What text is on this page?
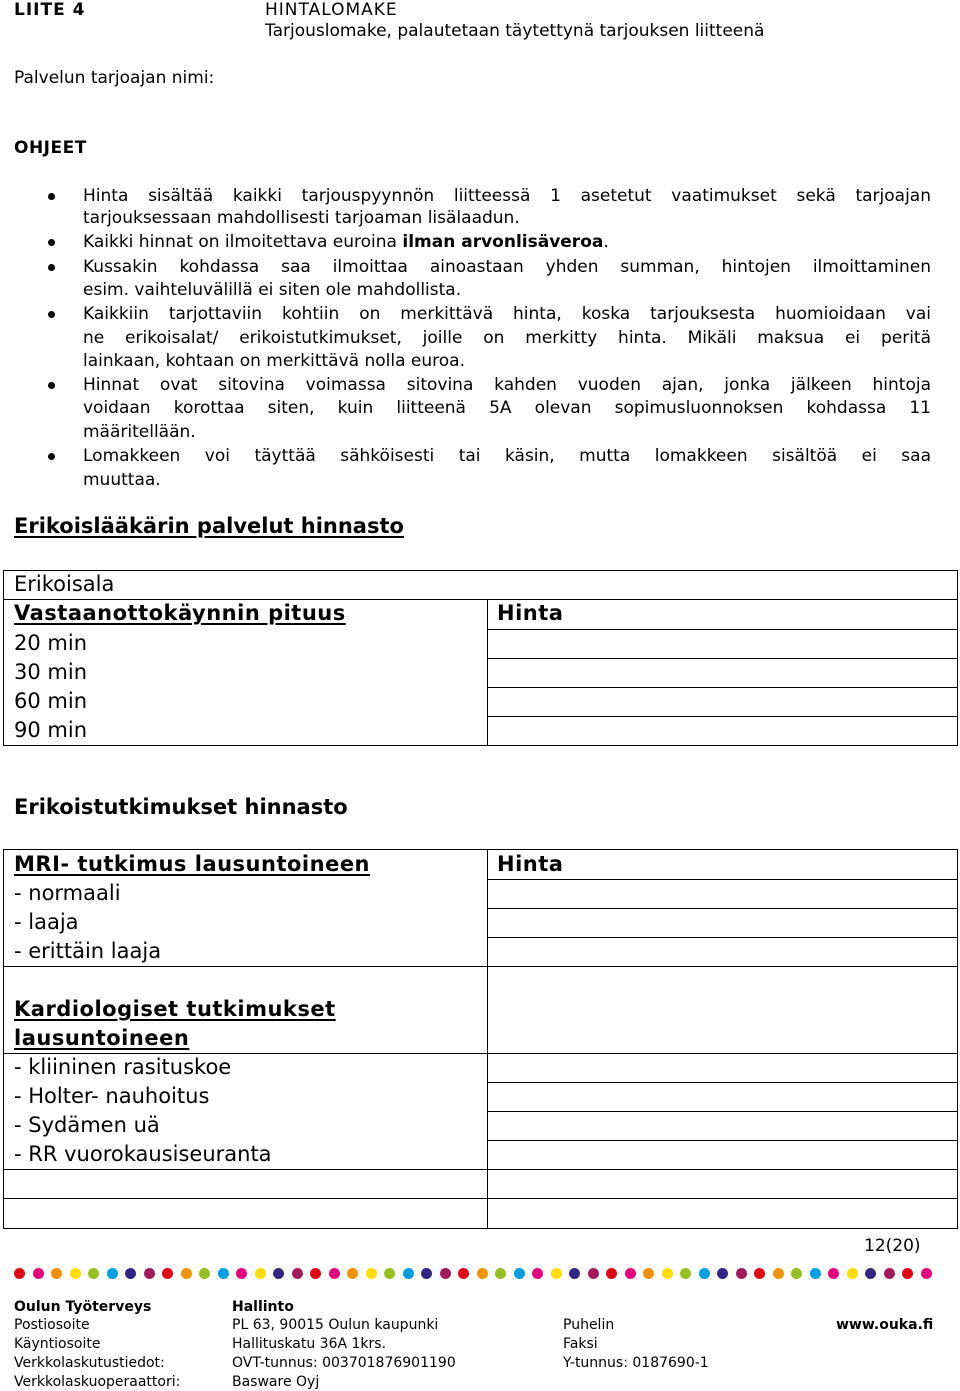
LIITE 4	HINTALOMAKE
Tarjouslomake, palautetaan täytettynä tarjouksen liitteenä
Palvelun tarjoajan nimi:
OHJEET
Hinta sisältää kaikki tarjouspyynnön liitteessä 1 asetetut vaatimukset sekä tarjoajan
tarjouksessaan mahdollisesti tarjoaman lisälaadun.
Kaikki hinnat on ilmoitettava euroina ilman arvonlisäveroa.
Kussakin kohdassa saa ilmoittaa ainoastaan yhden summan, hintojen ilmoittaminen
esim. vaihteluvälillä ei siten ole mahdollista.
Kaikkiin tarjottaviin kohtiin on merkittävä hinta, koska tarjouksesta huomioidaan vai
ne erikoisalat/ erikoistutkimukset, joille on merkitty hinta. Mikäli maksua ei peritä
lainkaan, kohtaan on merkittävä nolla euroa.
Hinnat ovat sitovina voimassa sitovina kahden vuoden ajan, jonka jälkeen hintoja
voidaan korottaa siten, kuin liitteenä 5A olevan sopimusluonnoksen kohdassa 11
määritellään.
Lomakkeen voi täyttää sähköisesti tai käsin, mutta lomakkeen sisältöä ei saa
muuttaa.
Erikoislääkärin palvelut hinnasto
Erikoisala
Vastaanottokäynnin pituus	Hinta
20 min
30 min
60 min
90 min
Erikoistutkimukset hinnasto
MRI- tutkimus lausuntoineen	Hinta
- normaali
- laaja
- erittäin laaja
Kardiologiset tutkimukset
lausuntoineen
- kliininen rasituskoe
- Holter- nauhoitus
- Sydämen uä
- RR vuorokausiseuranta
12(20)
Oulun Työterveys	Hallinto
Postiosoite	PL 63, 90015 Oulun kaupunki	Puhelin	www.ouka.fi
Käyntiosoite	Hallituskatu 36A 1krs.	Faksi
Verkkolaskutustiedot:	OVT-tunnus: 003701876901190	Y-tunnus: 0187690-1
Verkkolaskuoperaattori:	Basware Oyj
